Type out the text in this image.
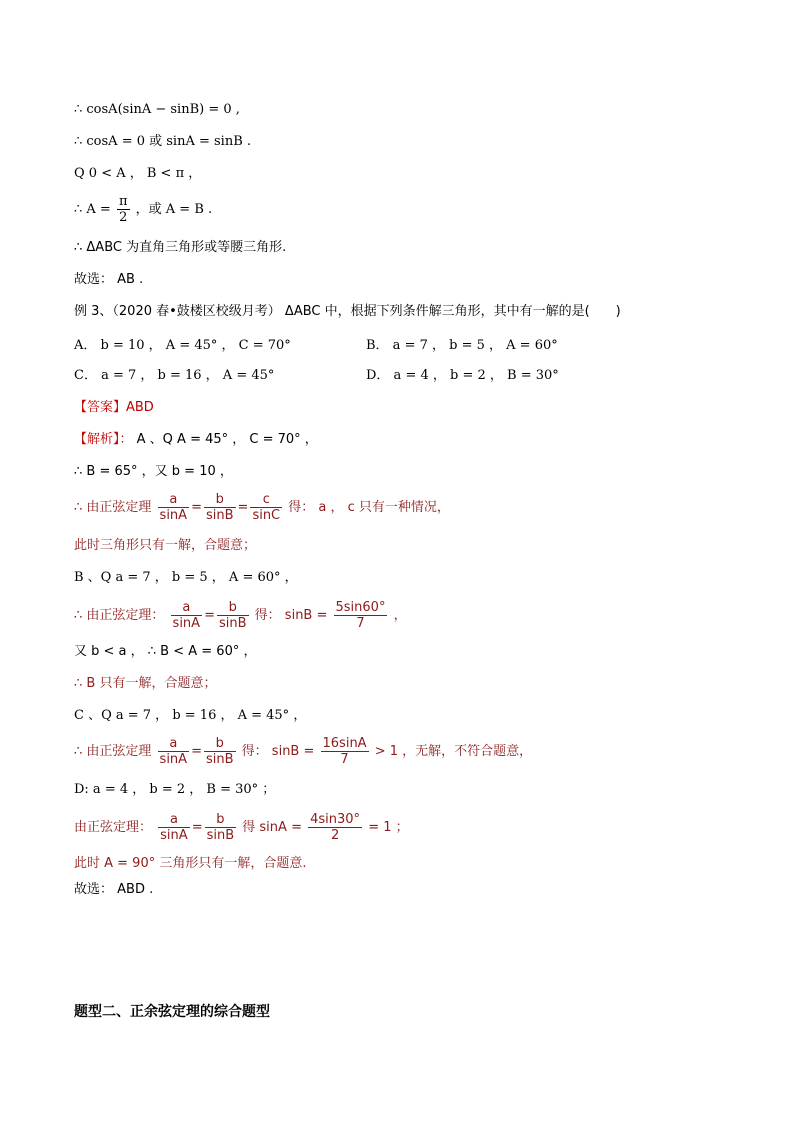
∴ cosA(sinA − sinB) = 0 ,
∴ cosA = 0 或 sinA = sinB .
Q 0 < A ， B < π ，
∴ $A = \frac{\pi}{2}$ ，或 A = B .
∴ ΔABC 为直角三角形或等腰三角形.
故选： AB .
例 3、（2020 春•鼓楼区校级月考） ΔABC 中，根据下列条件解三角形，其中有一解的是(　　)
A． b = 10 ， A = 45° ， C = 70°	B． a = 7 ， b = 5 ， A = 60°
C． a = 7 ， b = 16 ， A = 45°	D． a = 4 ， b = 2 ， B = 30°
【答案】ABD
【解析】： A 、Q A = 45° ， C = 70° ，
∴ B = 65° ，又 b = 10 ，
∴ 由正弦定理 $\frac{a}{\sin A} = \frac{b}{\sin B} = \frac{c}{\sin C}$ 得： a ， c 只有一种情况，
此时三角形只有一解，合题意；
B 、Q a = 7 ， b = 5 ， A = 60° ，
∴ 由正弦定理： $\frac{a}{\sin A} = \frac{b}{\sin B}$ 得： $\sin B = \frac{5\sin 60^\circ}{7}$ ，
又 b < a ， ∴ B < A = 60° ，
∴ B 只有一解，合题意；
C 、Q a = 7 ， b = 16 ， A = 45° ，
∴ 由正弦定理 $\frac{a}{\sin A} = \frac{b}{\sin B}$ 得： $\sin B = \frac{16\sin A}{7} > 1$ ，无解，不符合题意，
D: a = 4 ， b = 2 ， B = 30° ；
由正弦定理： $\frac{a}{\sin A} = \frac{b}{\sin B}$ 得 $\sin A = \frac{4\sin 30^\circ}{2} = 1$ ；
此时 A = 90° 三角形只有一解，合题意.
故选： ABD .
题型二、正余弦定理的综合题型
